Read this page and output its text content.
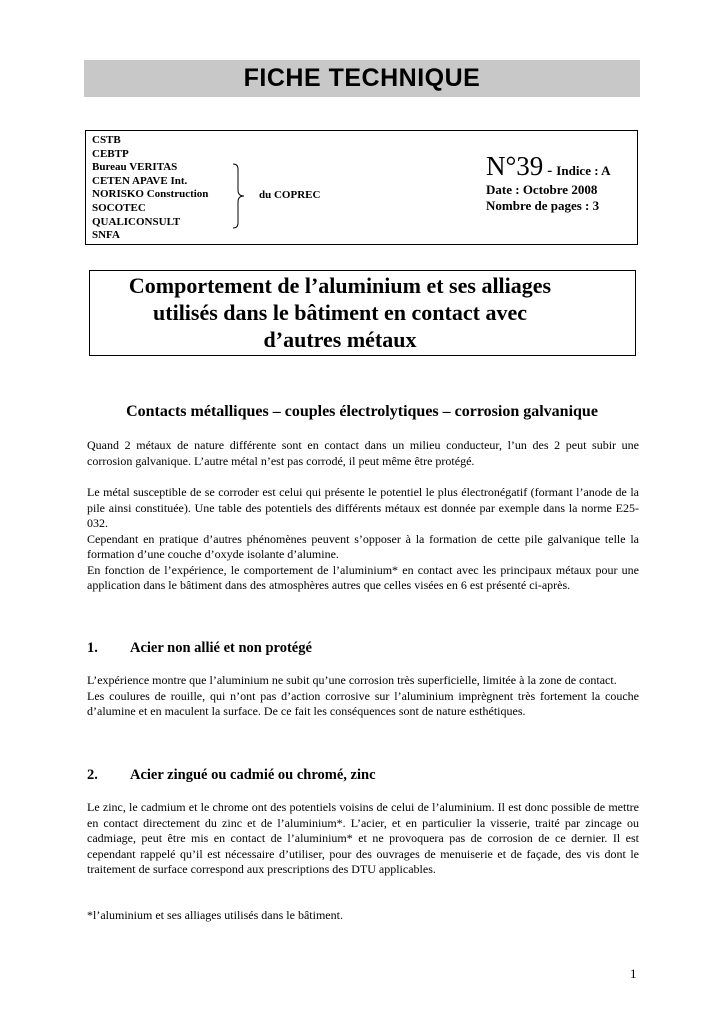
FICHE TECHNIQUE
CSTB
CEBTP
Bureau VERITAS
CETEN APAVE Int.
NORISKO Construction
SOCOTEC
QUALICONSULT
SNFA
du COPREC
N°39 - Indice : A
Date : Octobre 2008
Nombre de pages : 3
Comportement de l’aluminium et ses alliages
utilisés dans le bâtiment en contact avec
d’autres métaux
Contacts métalliques – couples électrolytiques – corrosion galvanique
Quand 2 métaux de nature différente sont en contact dans un milieu conducteur, l’un des 2 peut subir une corrosion galvanique. L’autre métal n’est pas corrodé, il peut même être protégé.
Le métal susceptible de se corroder est celui qui présente le potentiel le plus électronégatif (formant l’anode de la pile ainsi constituée). Une table des potentiels des différents métaux est donnée par exemple dans la norme E25-032.
Cependant en pratique d’autres phénomènes peuvent s’opposer à la formation de cette pile galvanique telle la formation d’une couche d’oxyde isolante d’alumine.
En fonction de l’expérience, le comportement de l’aluminium* en contact avec les principaux métaux pour une application dans le bâtiment dans des atmosphères autres que celles visées en 6 est présenté ci-après.
1. Acier non allié et non protégé
L’expérience montre que l’aluminium ne subit qu’une corrosion très superficielle, limitée à la zone de contact.
Les coulures de rouille, qui n’ont pas d’action corrosive sur l’aluminium imprègnent très fortement la couche d’alumine et en maculent la surface. De ce fait les conséquences sont de nature esthétiques.
2. Acier zingué ou cadmié ou chromé, zinc
Le zinc, le cadmium et le chrome ont des potentiels voisins de celui de l’aluminium. Il est donc possible de mettre en contact directement du zinc et de l’aluminium*. L’acier, et en particulier la visserie, traité par zincage ou cadmiage, peut être mis en contact de l’aluminium* et ne provoquera pas de corrosion de ce dernier. Il est cependant rappelé qu’il est nécessaire d’utiliser, pour des ouvrages de menuiserie et de façade, des vis dont le traitement de surface correspond aux prescriptions des DTU applicables.
*l’aluminium et ses alliages utilisés dans le bâtiment.
1
